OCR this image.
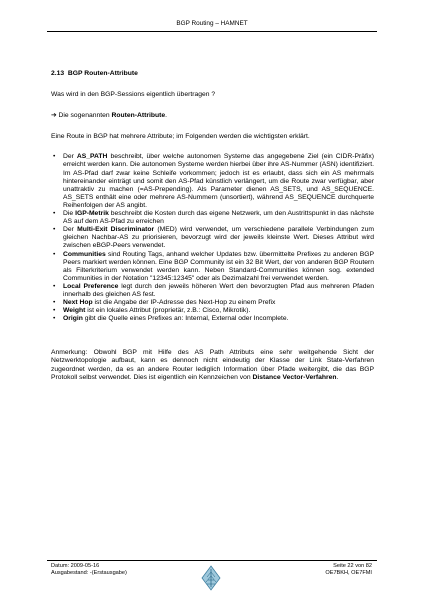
BGP Routing – HAMNET

2.13 BGP Routen-Attribute

Was wird in den BGP-Sessions eigentlich übertragen ?

➔ Die sogenannten Routen-Attribute.

Eine Route in BGP hat mehrere Attribute; im Folgenden werden die wichtigsten erklärt.

• Der AS_PATH beschreibt, über welche autonomen Systeme das angegebene Ziel (ein CIDR-Präfix) erreicht werden kann. Die autonomen Systeme werden hierbei über ihre AS-Nummer (ASN) identifiziert. Im AS-Pfad darf zwar keine Schleife vorkommen; jedoch ist es erlaubt, dass sich ein AS mehrmals hintereinander einträgt und somit den AS-Pfad künstlich verlängert, um die Route zwar verfügbar, aber unattraktiv zu machen (=AS-Prepending). Als Parameter dienen AS_SETS, und AS_SEQUENCE. AS_SETS enthält eine oder mehrere AS-Nummern (unsortiert), während AS_SEQUENCE durchquerte Reihenfolgen der AS angibt.
• Die IGP-Metrik beschreibt die Kosten durch das eigene Netzwerk, um den Austrittspunkt in das nächste AS auf dem AS-Pfad zu erreichen
• Der Multi-Exit Discriminator (MED) wird verwendet, um verschiedene parallele Verbindungen zum gleichen Nachbar-AS zu priorisieren, bevorzugt wird der jeweils kleinste Wert. Dieses Attribut wird zwischen eBGP-Peers verwendet.
• Communities sind Routing Tags, anhand welcher Updates bzw. übermittelte Prefixes zu anderen BGP Peers markiert werden können. Eine BGP Community ist ein 32 Bit Wert, der von anderen BGP Routern als Filterkriterium verwendet werden kann. Neben Standard-Communities können sog. extended Communities in der Notation "12345:12345" oder als Dezimalzahl frei verwendet werden.
• Local Preference legt durch den jeweils höheren Wert den bevorzugten Pfad aus mehreren Pfaden innerhalb des gleichen AS fest.
• Next Hop ist die Angabe der IP-Adresse des Next-Hop zu einem Prefix
• Weight ist ein lokales Attribut (proprietär, z.B.: Cisco, Mikrotik).
• Origin gibt die Quelle eines Prefixes an: Internal, External oder Incomplete.

Anmerkung: Obwohl BGP mit Hilfe des AS Path Attributs eine sehr weitgehende Sicht der Netzwerktopologie aufbaut, kann es dennoch nicht eindeutig der Klasse der Link State-Verfahren zugeordnet werden, da es an andere Router lediglich Information über Pfade weitergibt, die das BGP Protokoll selbst verwendet. Dies ist eigentlich ein Kennzeichen von Distance Vector-Verfahren.

Datum: 2009-05-16
Ausgabestand: -(Erstausgabe)
Seite 22 von 82
OE7BKH, OE7FMI
